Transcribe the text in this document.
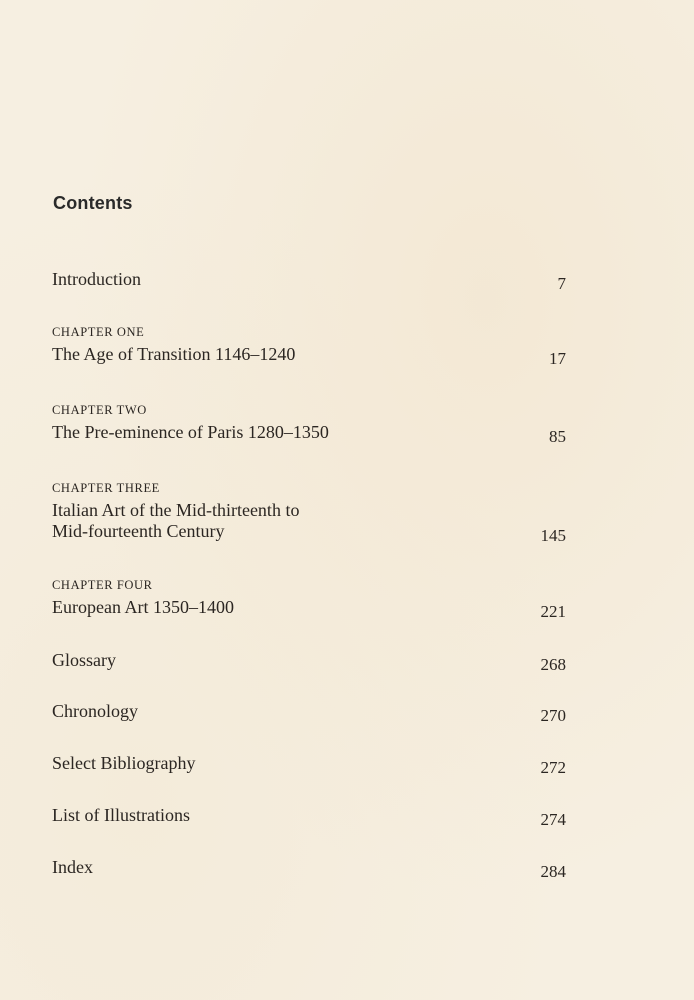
Contents
Introduction	7
CHAPTER ONE
The Age of Transition 1146–1240	17
CHAPTER TWO
The Pre-eminence of Paris 1280–1350	85
CHAPTER THREE
Italian Art of the Mid-thirteenth to Mid-fourteenth Century	145
CHAPTER FOUR
European Art 1350–1400	221
Glossary	268
Chronology	270
Select Bibliography	272
List of Illustrations	274
Index	284
